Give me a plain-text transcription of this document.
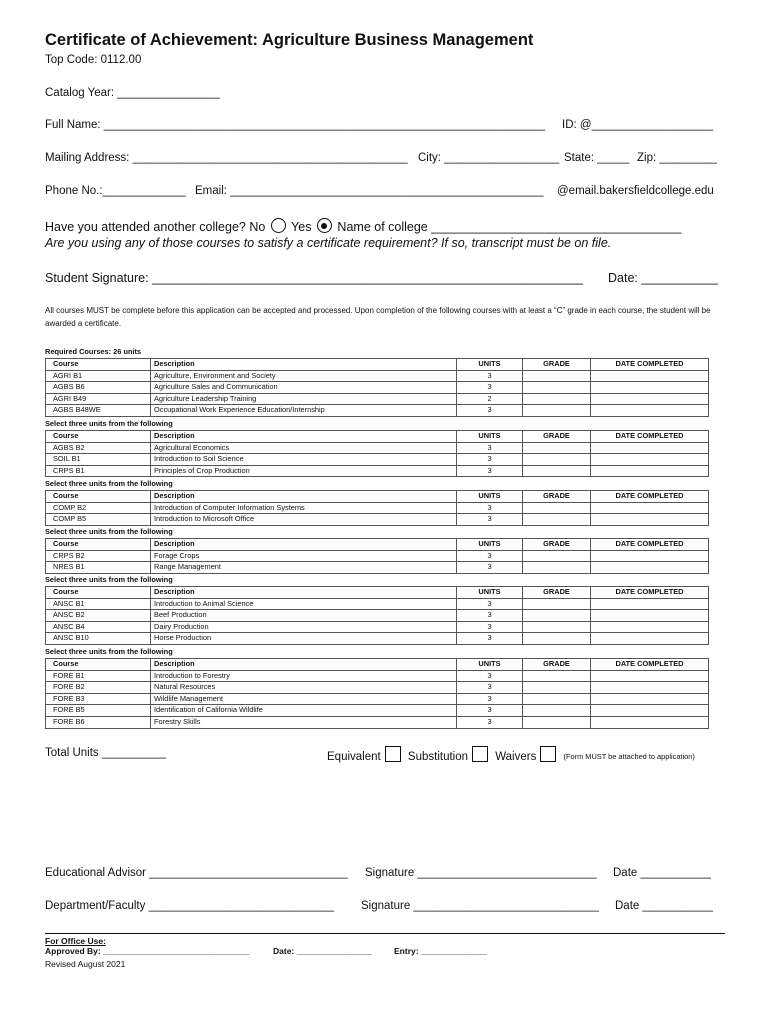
Certificate of Achievement: Agriculture Business Management
Top Code: 0112.00
Catalog Year: ________________
Full Name: _____________________________________________________________________ ID: @___________________
Mailing Address: ___________________________________________ City: __________________ State: _____ Zip: _________
Phone No.:_____________ Email: _________________________________________________ @email.bakersfieldcollege.edu
Have you attended another college? No Yes Name of college ____________________________________
Are you using any of those courses to satisfy a certificate requirement? If so, transcript must be on file.
Student Signature: ______________________________________________________________ Date: ___________
All courses MUST be complete before this application can be accepted and processed. Upon completion of the following courses with at least a “C” grade in each course, the student will be awarded a certificate.
Required Courses: 26 units
Course	Description	UNITS	GRADE	DATE COMPLETED
AGRI B1	Agriculture, Environment and Society	3		
AGBS B6	Agriculture Sales and Communication	3		
AGRI B49	Agriculture Leadership Training	2		
AGBS B48WE	Occupational Work Experience Education/Internship	3		
Select three units from the following
Course	Description	UNITS	GRADE	DATE COMPLETED
AGBS B2	Agricultural Economics	3		
SOIL B1	Introduction to Soil Science	3		
CRPS B1	Principles of Crop Production	3		
Select three units from the following
Course	Description	UNITS	GRADE	DATE COMPLETED
COMP B2	Introduction of Computer Information Systems	3		
COMP B5	Introduction to Microsoft Office	3		
Select three units from the following
Course	Description	UNITS	GRADE	DATE COMPLETED
CRPS B2	Forage Crops	3		
NRES B1	Range Management	3		
Select three units from the following
Course	Description	UNITS	GRADE	DATE COMPLETED
ANSC B1	Introduction to Animal Science	3		
ANSC B2	Beef Production	3		
ANSC B4	Dairy Production	3		
ANSC B10	Horse Production	3		
Select three units from the following
Course	Description	UNITS	GRADE	DATE COMPLETED
FORE B1	Introduction to Forestry	3		
FORE B2	Natural Resources	3		
FORE B3	Wildlife Management	3		
FORE B5	Identification of California Wildlife	3		
FORE B6	Forestry Skills	3		
Total Units __________	Equivalent Substitution Waivers	(Form MUST be attached to application)
Educational Advisor _______________________________ Signature ____________________________ Date ___________
Department/Faculty _____________________________ Signature _____________________________ Date ___________
For Office Use:
Approved By: _______________________________	Date: ________________	Entry: ______________
Revised August 2021
